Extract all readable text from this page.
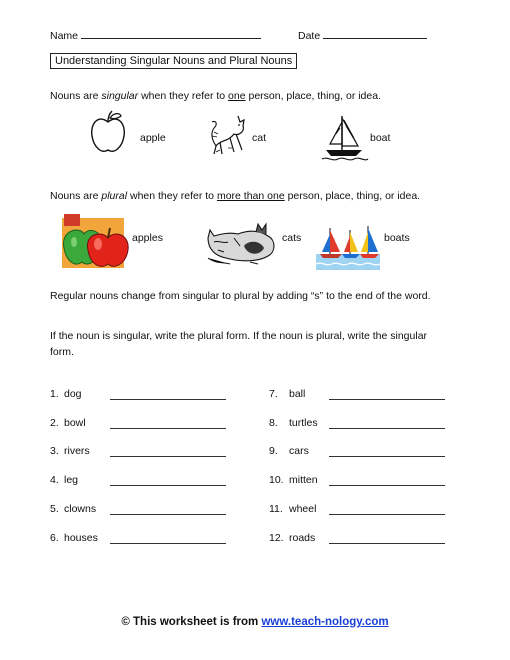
Name	Date
Understanding Singular Nouns and Plural Nouns
Nouns are singular when they refer to one person, place, thing, or idea.
apple	cat	boat
Nouns are plural when they refer to more than one person, place, thing, or idea.
apples	cats	boats
Regular nouns change from singular to plural by adding “s” to the end of the word.
If the noun is singular, write the plural form. If the noun is plural, write the singular
form.
1. dog
2. bowl
3. rivers
4. leg
5. clowns
6. houses
7. ball
8. turtles
9. cars
10. mitten
11. wheel
12. roads
© This worksheet is from www.teach-nology.com
